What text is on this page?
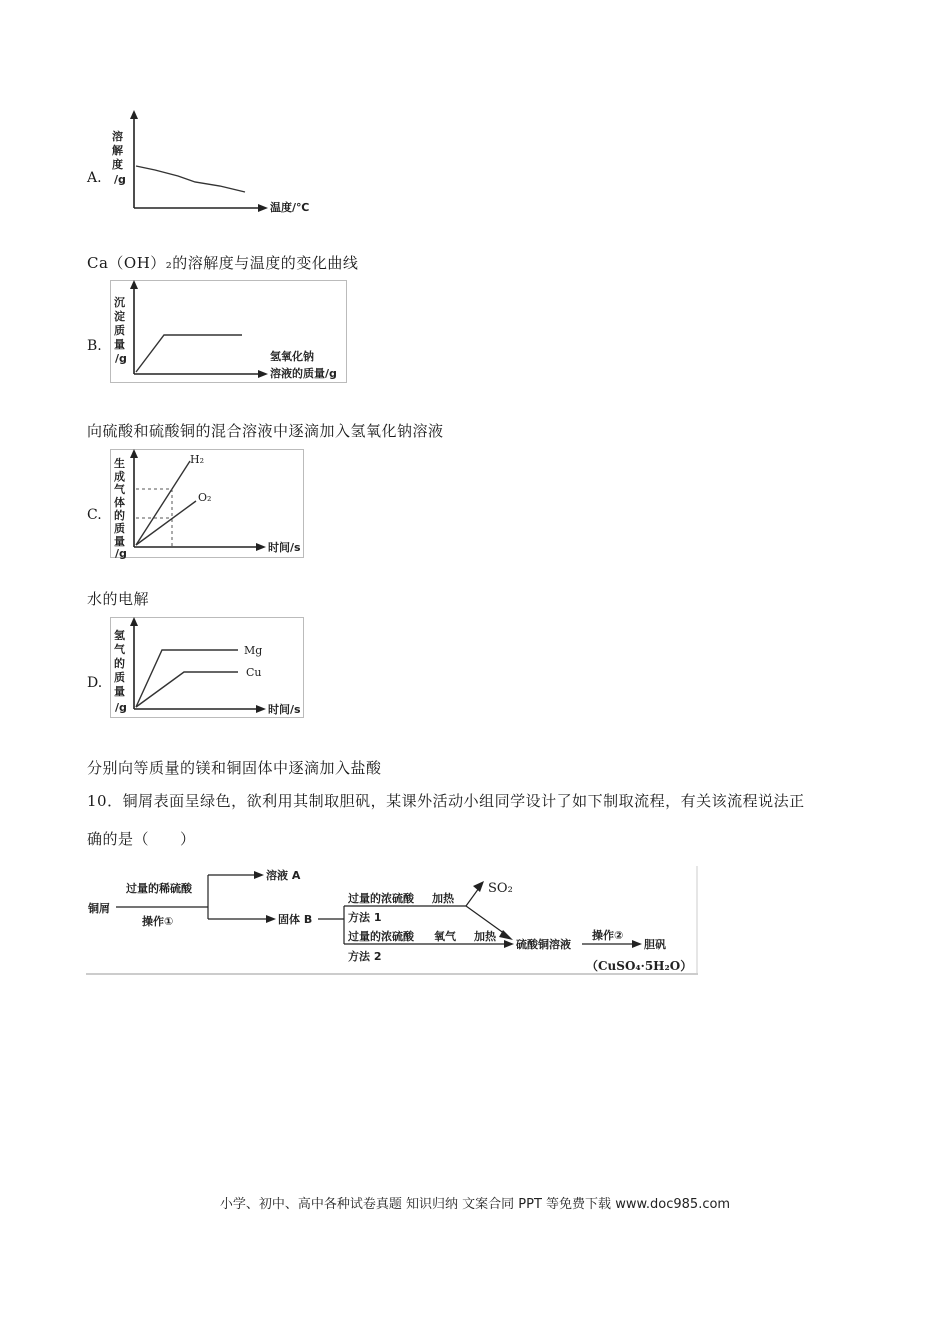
A.
溶
解
度
/g
温度/℃
Ca（OH）₂的溶解度与温度的变化曲线
B.
沉
淀
质
量
/g	氢氧化钠
溶液的质量/g
向硫酸和硫酸铜的混合溶液中逐滴加入氢氧化钠溶液
C.
H₂
O₂
生
成
气
体
的
质
量
/g	时间/s
水的电解
D.
Mg
Cu
氢
气
的
质
量
/g	时间/s
分别向等质量的镁和铜固体中逐滴加入盐酸
10．铜屑表面呈绿色，欲利用其制取胆矾，某课外活动小组同学设计了如下制取流程，有关该流程说法正
确的是（　　）
铜屑
过量的稀硫酸
操作①
溶液 A
固体 B
过量的浓硫酸 加热
方法 1
SO₂
过量的浓硫酸 氧气 加热
方法 2
硫酸铜溶液
操作②
胆矾
（CuSO₄·5H₂O）
小学、初中、高中各种试卷真题 知识归纳 文案合同 PPT 等免费下载 www.doc985.com
